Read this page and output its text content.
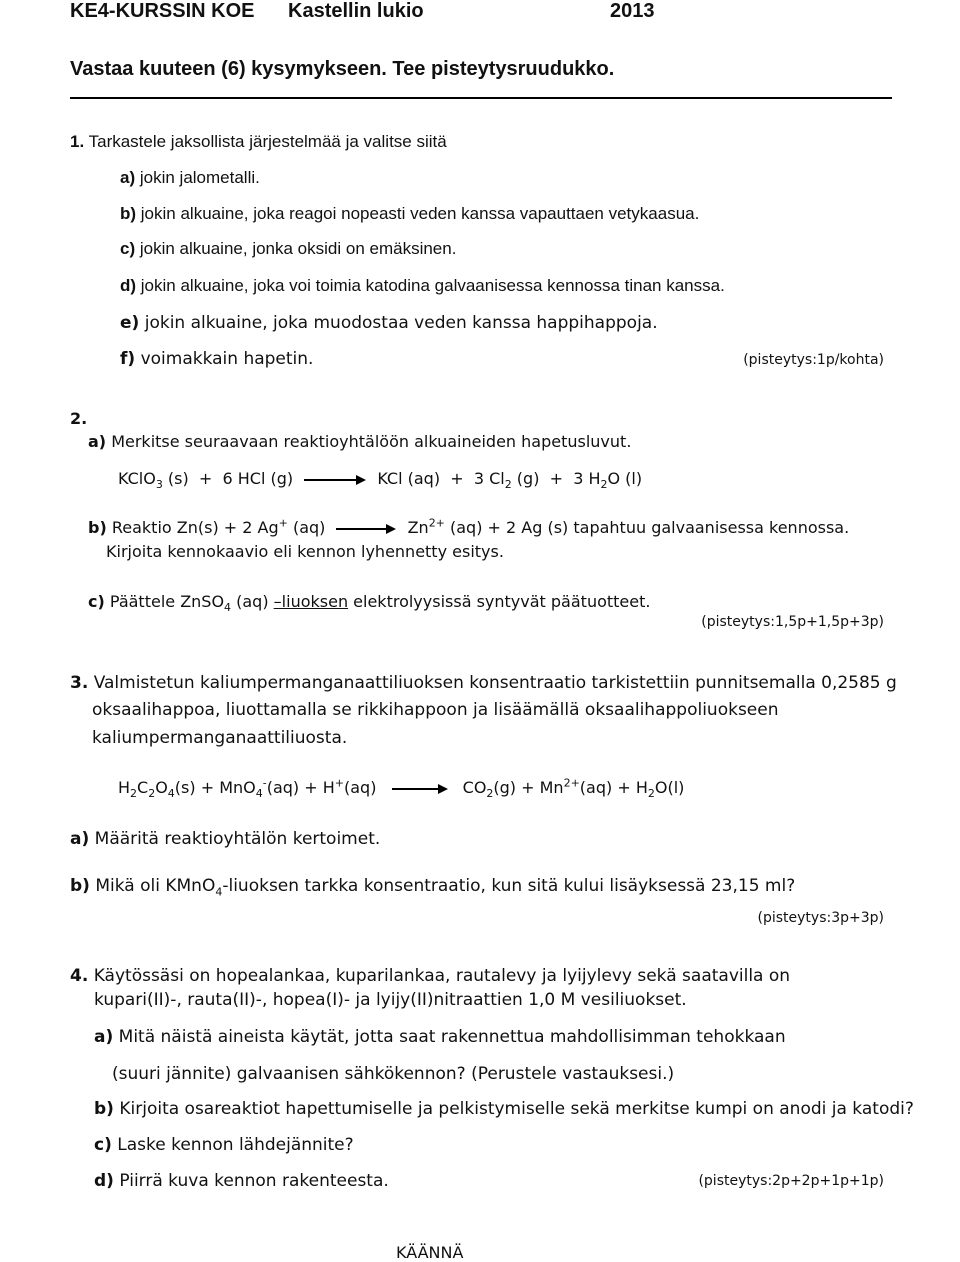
KE4-KURSSIN KOE Kastellin lukio	2013
Vastaa kuuteen (6) kysymykseen. Tee pisteytysruudukko.
1. Tarkastele jaksollista järjestelmää ja valitse siitä
a) jokin jalometalli.
b) jokin alkuaine, joka reagoi nopeasti veden kanssa vapauttaen vetykaasua.
c) jokin alkuaine, jonka oksidi on emäksinen.
d) jokin alkuaine, joka voi toimia katodina galvaanisessa kennossa tinan kanssa.
e) jokin alkuaine, joka muodostaa veden kanssa happihappoja.
f) voimakkain hapetin.	(pisteytys:1p/kohta)
2.
a) Merkitse seuraavaan reaktioyhtälöön alkuaineiden hapetusluvut.
KClO$_3$ (s)  +  6 HCl (g)	KCl (aq)  +  3 $Cl_2$ (g)  +  3 $H_2O$ (l)
b) Reaktio Zn(s) + 2 Ag+ (aq)	$Zn^{2+}$ (aq) + 2 Ag (s) tapahtuu galvaanisessa kennossa.
Kirjoita kennokaavio eli kennon lyhennetty esitys.
c) Päättele ZnSO$_4$ (aq) –liuoksen elektrolyysissä syntyvät päätuotteet.
(pisteytys:1,5p+1,5p+3p)
3. Valmistetun kaliumpermanganaattiliuoksen konsentraatio tarkistettiin punnitsemalla 0,2585 g
oksaalihappoa, liuottamalla se rikkihappoon ja lisäämällä oksaalihappoliuokseen
kaliumpermanganaattiliuosta.
$H_2C_2O_4(s) + MnO_4^-(aq) + H^+(aq)$	$CO_2(g) + Mn^{2+}(aq) + H_2O(l)$
a) Määritä reaktioyhtälön kertoimet.
b) Mikä oli KMnO$_4$-liuoksen tarkka konsentraatio, kun sitä kului lisäyksessä 23,15 ml?
(pisteytys:3p+3p)
4. Käytössäsi on hopealankaa, kuparilankaa, rautalevy ja lyijylevy sekä saatavilla on
kupari(II)-, rauta(II)-, hopea(I)- ja lyijy(II)nitraattien 1,0 M vesiliuokset.
a) Mitä näistä aineista käytät, jotta saat rakennettua mahdollisimman tehokkaan
(suuri jännite) galvaanisen sähkökennon? (Perustele vastauksesi.)
b) Kirjoita osareaktiot hapettumiselle ja pelkistymiselle sekä merkitse kumpi on anodi ja katodi?
c) Laske kennon lähdejännite?
d) Piirrä kuva kennon rakenteesta.	(pisteytys:2p+2p+1p+1p)
KÄÄNNÄ
